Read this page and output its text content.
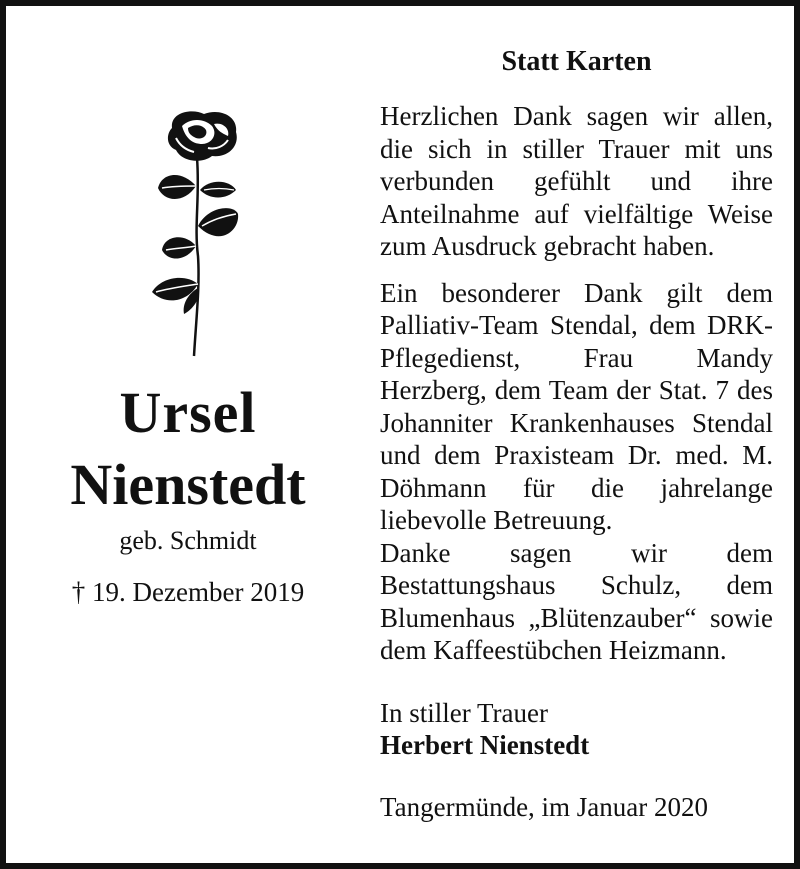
Ursel
Nienstedt
geb. Schmidt
† 19. Dezember 2019
Statt Karten

Herzlichen Dank sagen wir allen, die sich in stiller Trauer mit uns verbunden gefühlt und ihre Anteilnahme auf vielfältige Weise zum Ausdruck gebracht haben.

Ein besonderer Dank gilt dem Palliativ-Team Stendal, dem DRK-Pflegedienst, Frau Mandy Herzberg, dem Team der Stat. 7 des Johanniter Krankenhauses Stendal und dem Praxisteam Dr. med. M. Döhmann für die jahrelange liebevolle Betreuung.

Danke sagen wir dem Bestattungshaus Schulz, dem Blumenhaus „Blütenzauber“ sowie dem Kaffeestübchen Heizmann.

In stiller Trauer
Herbert Nienstedt
Tangermünde, im Januar 2020
